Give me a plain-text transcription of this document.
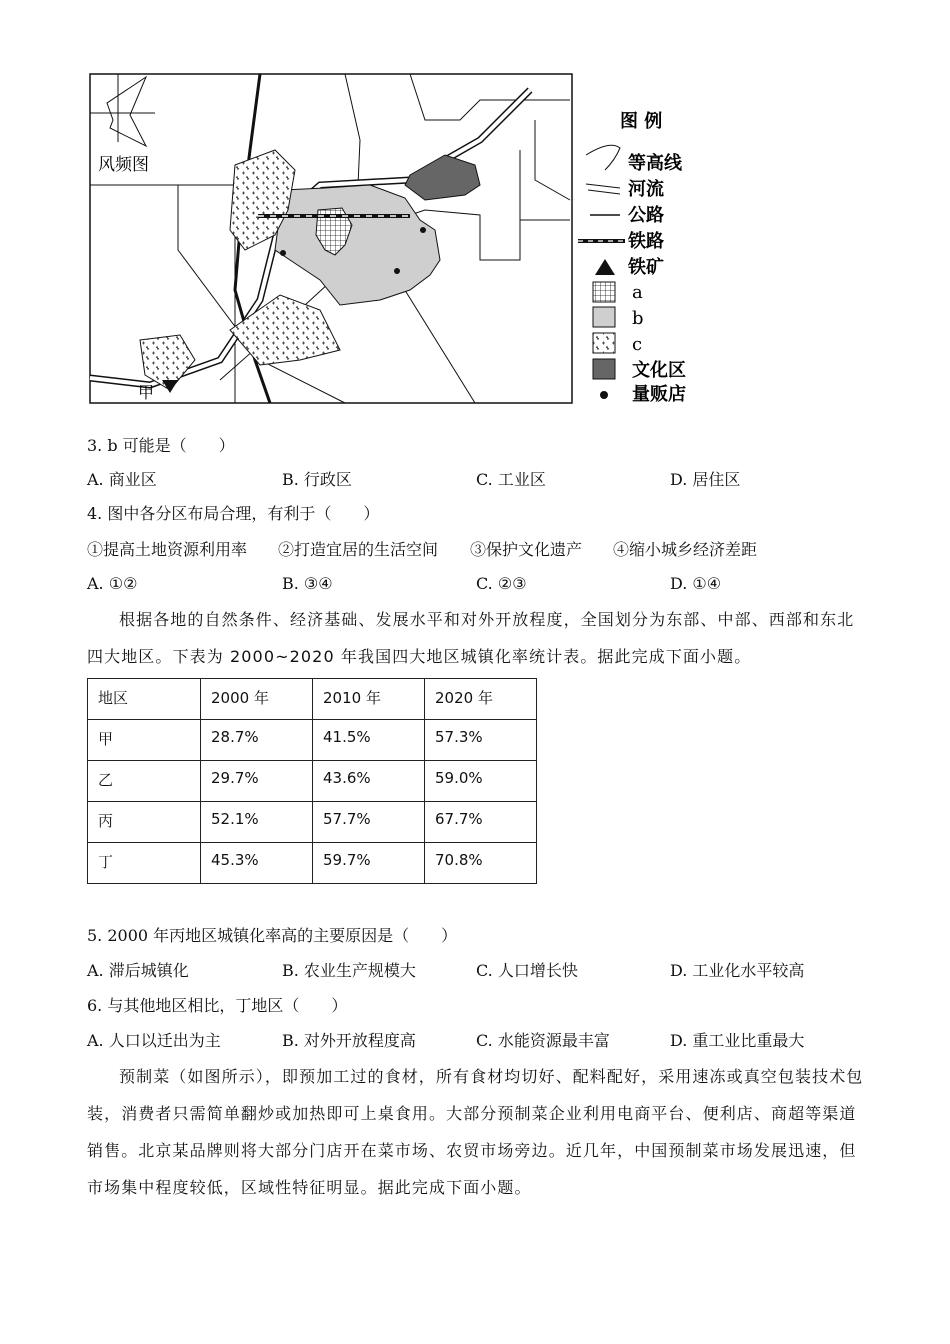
风频图
甲
图 例
等高线
河流
公路
铁路
铁矿
a
b
c
文化区
量贩店
3. b 可能是（　　）
A. 商业区	B. 行政区	C. 工业区	D. 居住区
4. 图中各分区布局合理，有利于（　　）
①提高土地资源利用率 ②打造宜居的生活空间 ③保护文化遗产 ④缩小城乡经济差距
A. ①②	B. ③④	C. ②③	D. ①④
根据各地的自然条件、经济基础、发展水平和对外开放程度，全国划分为东部、中部、西部和东北四大地区。下表为 2000~2020 年我国四大地区城镇化率统计表。据此完成下面小题。
地区	2000 年	2010 年	2020 年
甲	28.7%	41.5%	57.3%
乙	29.7%	43.6%	59.0%
丙	52.1%	57.7%	67.7%
丁	45.3%	59.7%	70.8%
5. 2000 年丙地区城镇化率高的主要原因是（　　）
A. 滞后城镇化	B. 农业生产规模大	C. 人口增长快	D. 工业化水平较高
6. 与其他地区相比，丁地区（　　）
A. 人口以迁出为主	B. 对外开放程度高	C. 水能资源最丰富	D. 重工业比重最大
预制菜（如图所示），即预加工过的食材，所有食材均切好、配料配好，采用速冻或真空包装技术包装，消费者只需简单翻炒或加热即可上桌食用。大部分预制菜企业利用电商平台、便利店、商超等渠道销售。北京某品牌则将大部分门店开在菜市场、农贸市场旁边。近几年，中国预制菜市场发展迅速，但市场集中程度较低，区域性特征明显。据此完成下面小题。
